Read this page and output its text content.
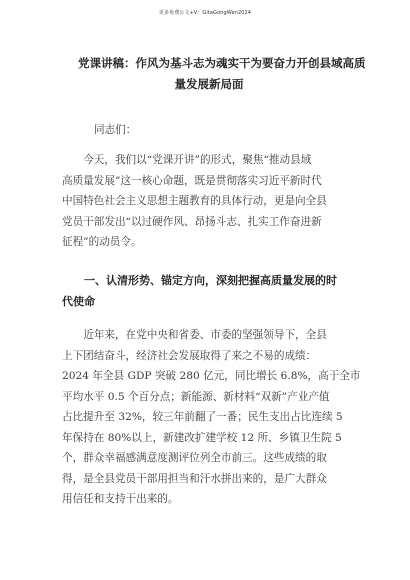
更多免费公文+V：GitaGongWen2024
党课讲稿：作风为基斗志为魂实干为要奋力开创县域高质
量发展新局面
同志们：
今天，我们以“党课开讲”的形式，聚焦“推动县域
高质量发展”这一核心命题，既是贯彻落实习近平新时代
中国特色社会主义思想主题教育的具体行动，更是向全县
党员干部发出“以过硬作风、昂扬斗志、扎实工作奋进新
征程”的动员令。
一、认清形势、锚定方向，深刻把握高质量发展的时
代使命
近年来，在党中央和省委、市委的坚强领导下，全县
上下团结奋斗，经济社会发展取得了来之不易的成绩：
2024 年全县 GDP 突破 280 亿元，同比增长 6.8%，高于全市
平均水平 0.5 个百分点；新能源、新材料“双新”产业产值
占比提升至 32%，较三年前翻了一番；民生支出占比连续 5
年保持在 80%以上，新建改扩建学校 12 所、乡镇卫生院 5
个，群众幸福感满意度测评位列全市前三。这些成绩的取
得，是全县党员干部用担当和汗水拼出来的，是广大群众
用信任和支持干出来的。
